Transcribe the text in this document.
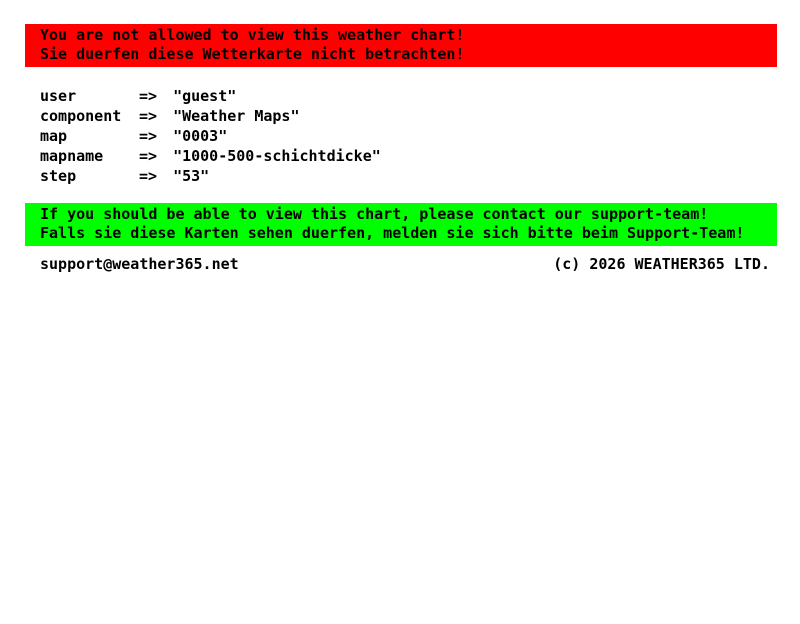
You are not allowed to view this weather chart!
Sie duerfen diese Wetterkarte nicht betrachten!
user	=> "guest"
component => "Weather Maps"
map	=> "0003"
mapname => "1000-500-schichtdicke"
step	=> "53"
If you should be able to view this chart, please contact our support-team!
Falls sie diese Karten sehen duerfen, melden sie sich bitte beim Support-Team!
support@weather365.net	(c) 2026 WEATHER365 LTD.
